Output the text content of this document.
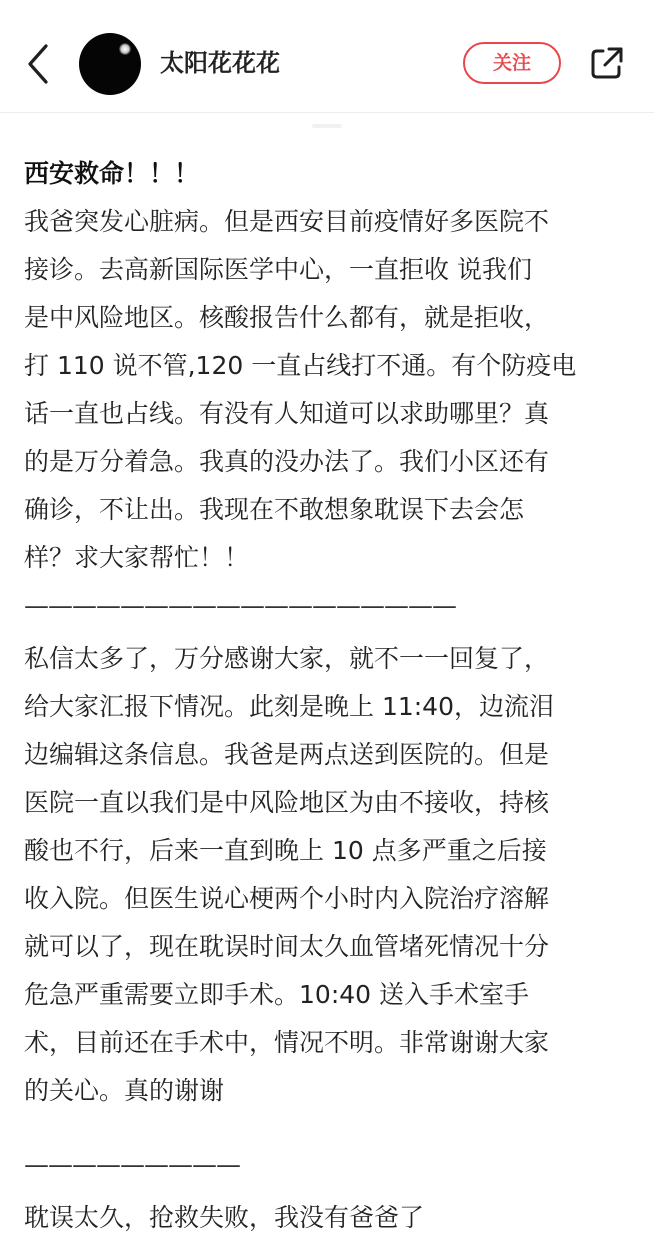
太阳花花花	关注
西安救命！！！
我爸突发心脏病。但是西安目前疫情好多医院不
接诊。去高新国际医学中心，一直拒收 说我们
是中风险地区。核酸报告什么都有，就是拒收，
打 110 说不管,120 一直占线打不通。有个防疫电
话一直也占线。有没有人知道可以求助哪里？真
的是万分着急。我真的没办法了。我们小区还有
确诊，不让出。我现在不敢想象耽误下去会怎
样？求大家帮忙！！
——————————————————
私信太多了，万分感谢大家，就不一一回复了，
给大家汇报下情况。此刻是晚上 11:40，边流泪
边编辑这条信息。我爸是两点送到医院的。但是
医院一直以我们是中风险地区为由不接收，持核
酸也不行，后来一直到晚上 10 点多严重之后接
收入院。但医生说心梗两个小时内入院治疗溶解
就可以了，现在耽误时间太久血管堵死情况十分
危急严重需要立即手术。10:40 送入手术室手
术，目前还在手术中，情况不明。非常谢谢大家
的关心。真的谢谢
—————————
耽误太久，抢救失败，我没有爸爸了
